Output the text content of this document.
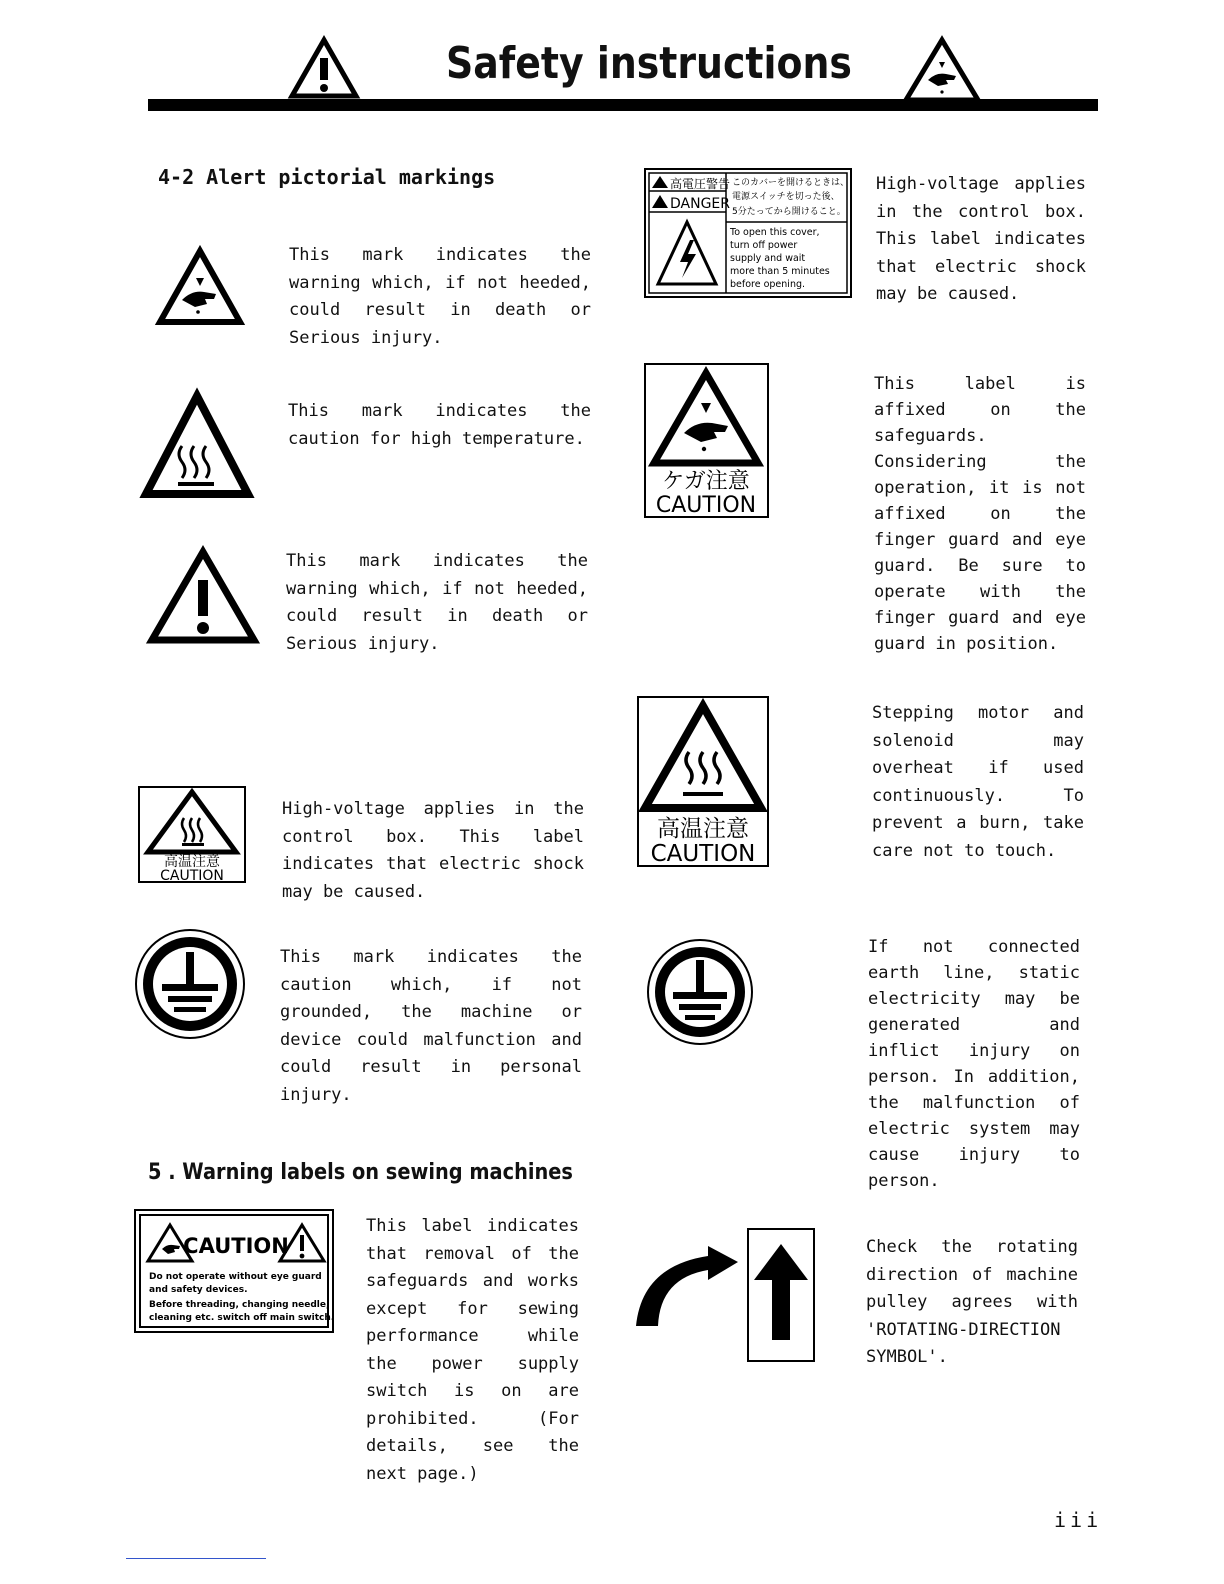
Safety instructions
4-2 Alert pictorial markings
5 . Warning labels on sewing machines
This mark indicates the warning which, if not heeded, could result in death or Serious injury.
This mark indicates the caution for high temperature.
This mark indicates the warning which, if not heeded, could result in death or Serious injury.
高温注意
CAUTION
High-voltage applies in the control box. This label indicates that electric shock may be caused.
This mark indicates the caution which, if not grounded, the machine or device could malfunction and could result in personal injury.
CAUTION
Do not operate without eye guard
and safety devices.
Before threading, changing needle,
cleaning etc. switch off main switch.
This label indicates that removal of the safeguards and works except for sewing performance while the power supply switch is on are prohibited. (For details, see the next page.)
高電圧警告
DANGER
このカバーを開けるときは、
電源スイッチを切った後、
5分たってから開けること。
To open this cover,
turn off power
supply and wait
more than 5 minutes
before opening.
High-voltage applies in the control box. This label indicates that electric shock may be caused.
ケガ注意
CAUTION
This label is affixed on the safeguards. Considering the operation, it is not affixed on the finger guard and eye guard. Be sure to operate with the finger guard and eye guard in position.
高温注意
CAUTION
Stepping motor and solenoid may overheat if used continuously. To prevent a burn, take care not to touch.
If not connected earth line, static electricity may be generated and inflict injury on person. In addition, the malfunction of electric system may cause injury to person.
Check the rotating direction of machine pulley agrees with 'ROTATING-DIRECTION SYMBOL'.
iii
